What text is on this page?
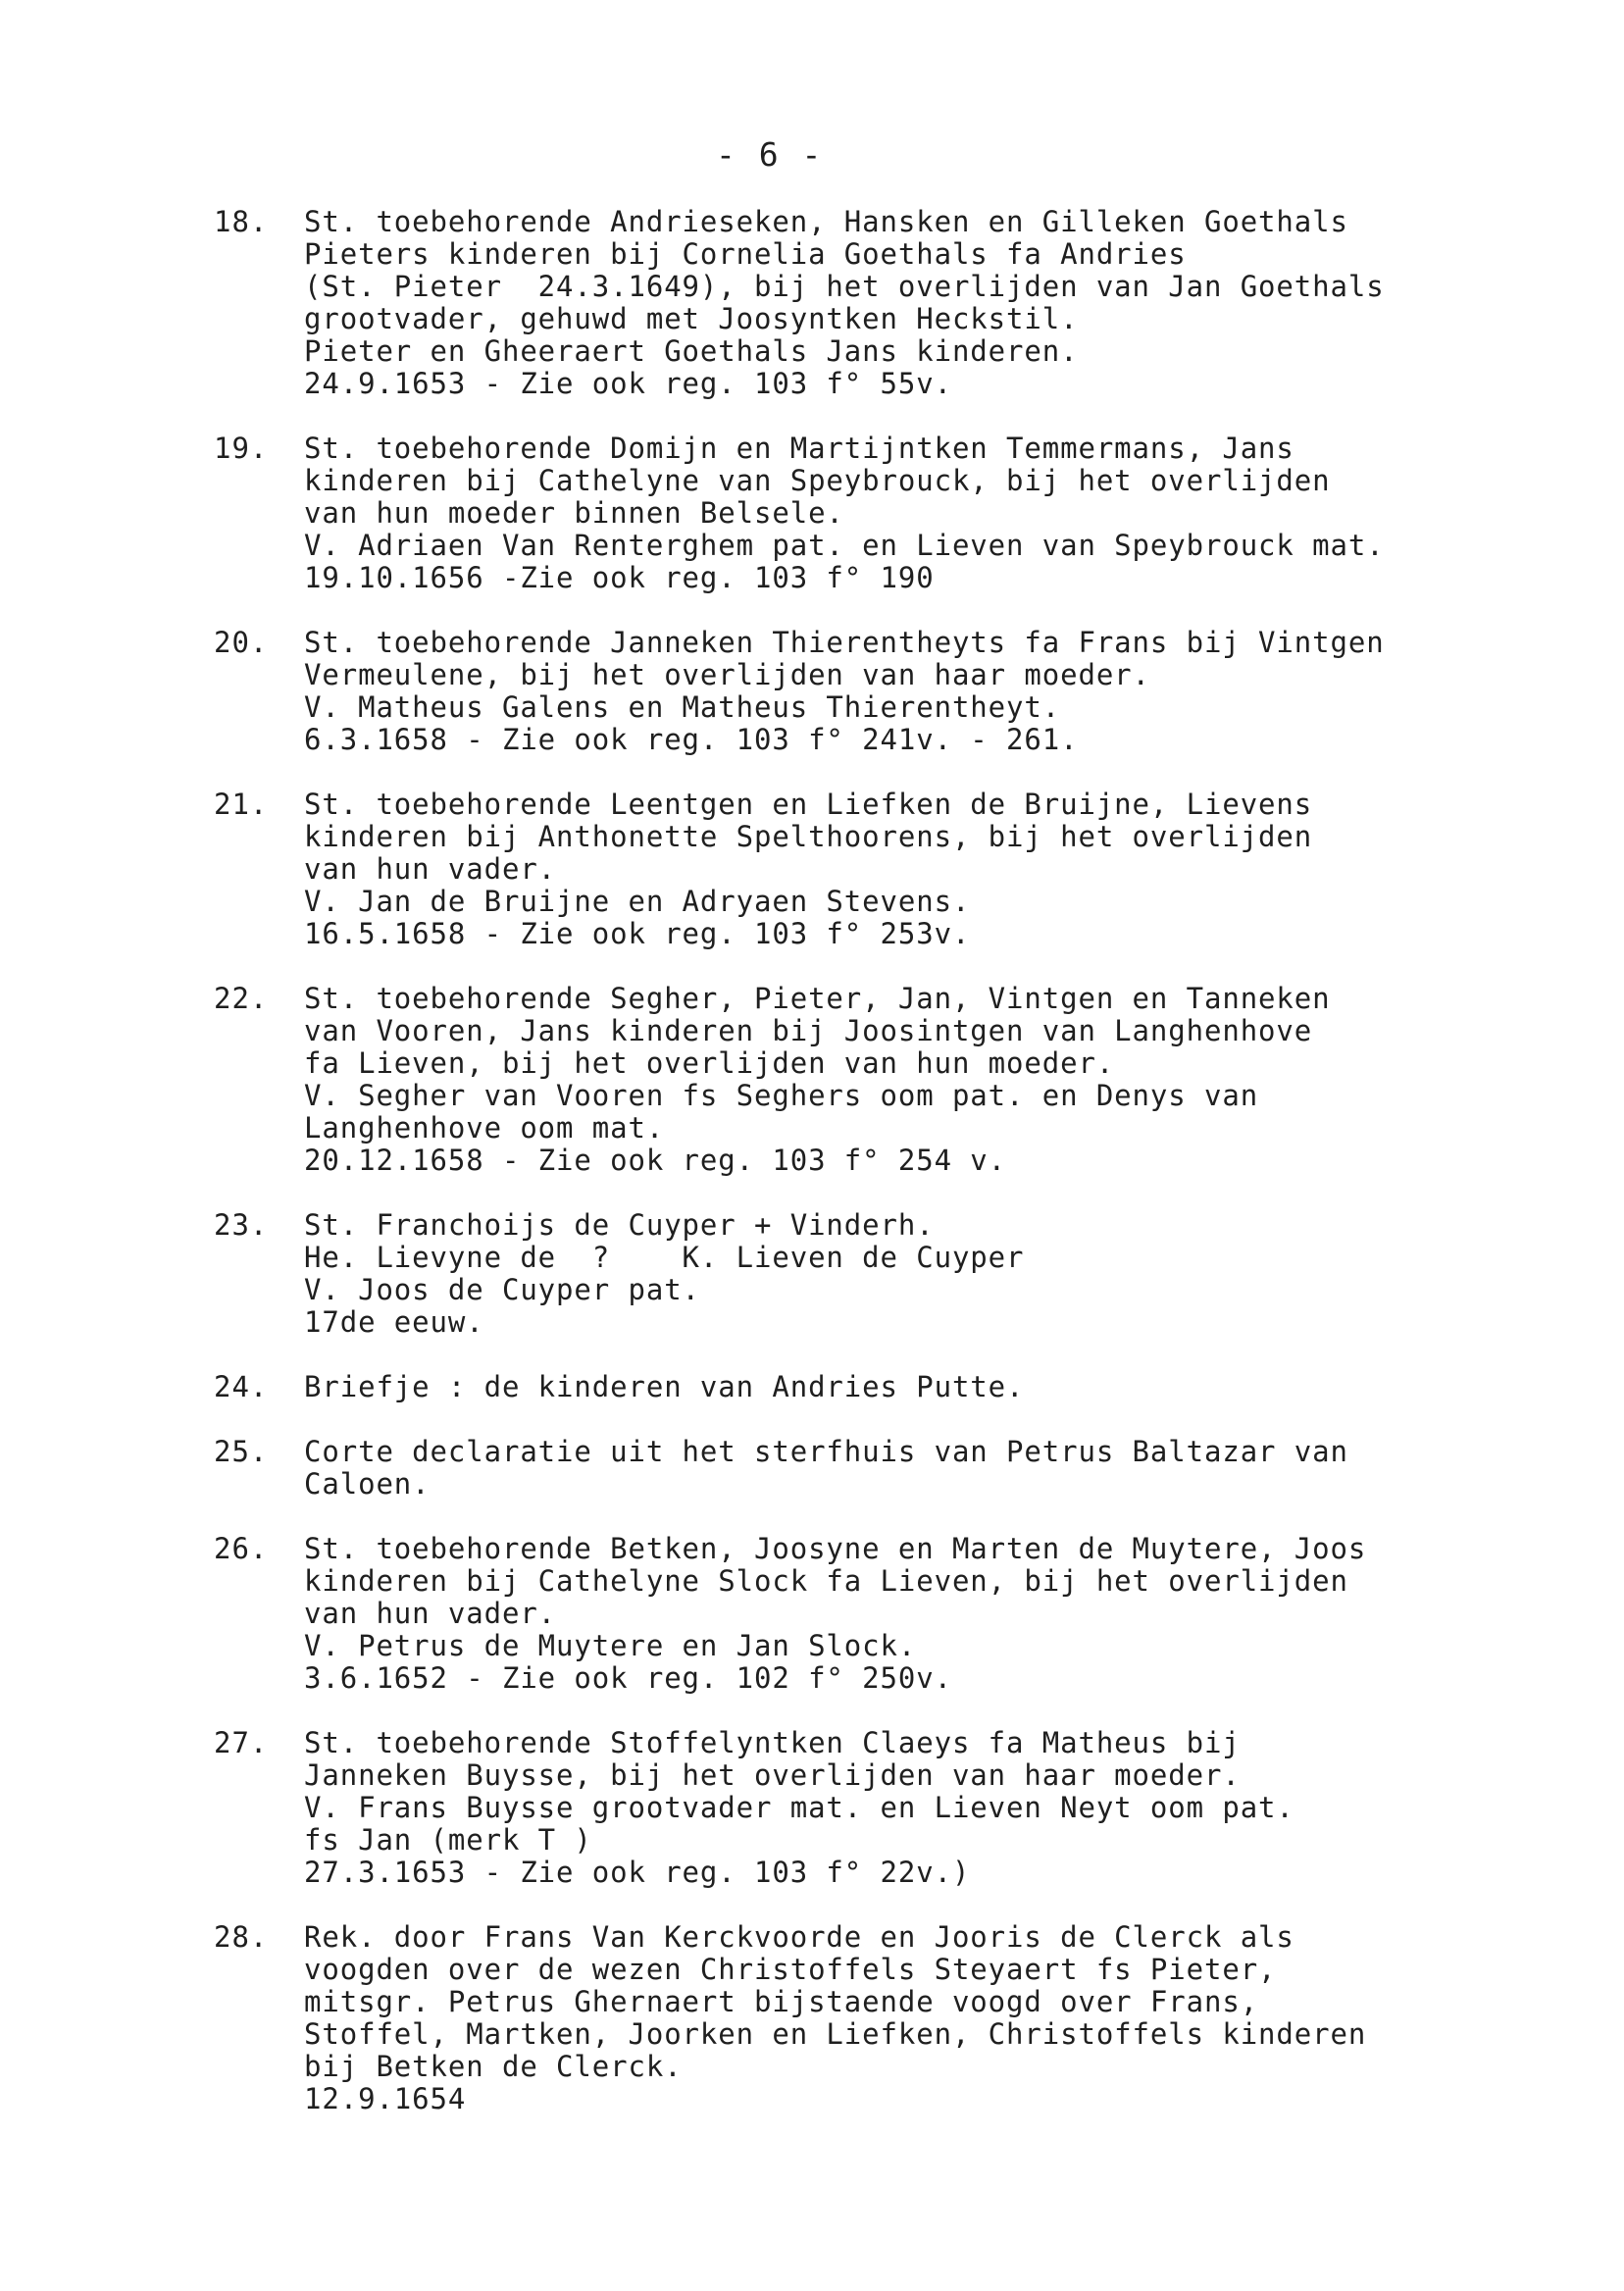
- 6 -
18. St. toebehorende Andrieseken, Hansken en Gilleken Goethals
Pieters kinderen bij Cornelia Goethals fa Andries
(St. Pieter  24.3.1649), bij het overlijden van Jan Goethals
grootvader, gehuwd met Joosyntken Heckstil.
Pieter en Gheeraert Goethals Jans kinderen.
24.9.1653 - Zie ook reg. 103 f° 55v.
19. St. toebehorende Domijn en Martijntken Temmermans, Jans
kinderen bij Cathelyne van Speybrouck, bij het overlijden
van hun moeder binnen Belsele.
V. Adriaen Van Renterghem pat. en Lieven van Speybrouck mat.
19.10.1656 -Zie ook reg. 103 f° 190
20. St. toebehorende Janneken Thierentheyts fa Frans bij Vintgen
Vermeulene, bij het overlijden van haar moeder.
V. Matheus Galens en Matheus Thierentheyt.
6.3.1658 - Zie ook reg. 103 f° 241v. - 261.
21. St. toebehorende Leentgen en Liefken de Bruijne, Lievens
kinderen bij Anthonette Spelthoorens, bij het overlijden
van hun vader.
V. Jan de Bruijne en Adryaen Stevens.
16.5.1658 - Zie ook reg. 103 f° 253v.
22. St. toebehorende Segher, Pieter, Jan, Vintgen en Tanneken
van Vooren, Jans kinderen bij Joosintgen van Langhenhove
fa Lieven, bij het overlijden van hun moeder.
V. Segher van Vooren fs Seghers oom pat. en Denys van
Langhenhove oom mat.
20.12.1658 - Zie ook reg. 103 f° 254 v.
23. St. Franchoijs de Cuyper + Vinderh.
He. Lievyne de  ?    K. Lieven de Cuyper
V. Joos de Cuyper pat.
17de eeuw.
24. Briefje : de kinderen van Andries Putte.
25. Corte declaratie uit het sterfhuis van Petrus Baltazar van
Caloen.
26. St. toebehorende Betken, Joosyne en Marten de Muytere, Joos
kinderen bij Cathelyne Slock fa Lieven, bij het overlijden
van hun vader.
V. Petrus de Muytere en Jan Slock.
3.6.1652 - Zie ook reg. 102 f° 250v.
27. St. toebehorende Stoffelyntken Claeys fa Matheus bij
Janneken Buysse, bij het overlijden van haar moeder.
V. Frans Buysse grootvader mat. en Lieven Neyt oom pat.
fs Jan (merk T )
27.3.1653 - Zie ook reg. 103 f° 22v.)
28. Rek. door Frans Van Kerckvoorde en Jooris de Clerck als
voogden over de wezen Christoffels Steyaert fs Pieter,
mitsgr. Petrus Ghernaert bijstaende voogd over Frans,
Stoffel, Martken, Joorken en Liefken, Christoffels kinderen
bij Betken de Clerck.
12.9.1654
